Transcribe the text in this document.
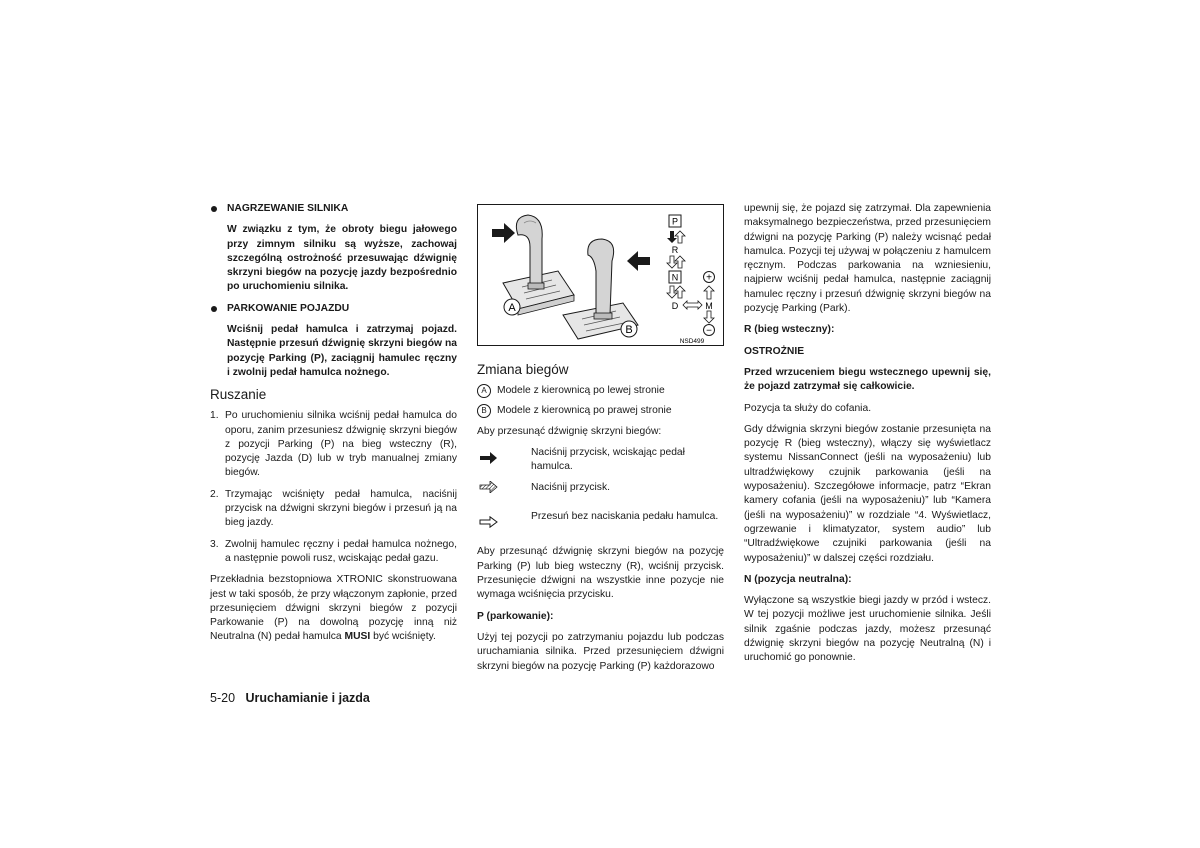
NAGRZEWANIE SILNIKA
W związku z tym, że obroty biegu jałowego przy zimnym silniku są wyższe, zachowaj szczególną ostrożność przesuwając dźwignię skrzyni biegów na pozycję jazdy bezpośrednio po uruchomieniu silnika.
PARKOWANIE POJAZDU
Wciśnij pedał hamulca i zatrzymaj pojazd. Następnie przesuń dźwignię skrzyni biegów na pozycję Parking (P), zaciągnij hamulec ręczny i zwolnij pedał hamulca nożnego.
Ruszanie
1. Po uruchomieniu silnika wciśnij pedał hamulca do oporu, zanim przesuniesz dźwignię skrzyni biegów z pozycji Parking (P) na bieg wsteczny (R), pozycję Jazda (D) lub w tryb manualnej zmiany biegów.
2. Trzymając wciśnięty pedał hamulca, naciśnij przycisk na dźwigni skrzyni biegów i przesuń ją na bieg jazdy.
3. Zwolnij hamulec ręczny i pedał hamulca nożnego, a następnie powoli rusz, wciskając pedał gazu.

Przekładnia bezstopniowa XTRONIC skonstruowana jest w taki sposób, że przy włączonym zapłonie, przed przesunięciem dźwigni skrzyni biegów z pozycji Parkowanie (P) na dowolną pozycję inną niż Neutralna (N) pedał hamulca MUSI być wciśnięty.

A
B
P
R
N
D	M
+
−
NSD499
Zmiana biegów
A	Modele z kierownicą po lewej stronie
B	Modele z kierownicą po prawej stronie

Aby przesunąć dźwignię skrzyni biegów:

Naciśnij przycisk, wciskając pedał hamulca.
Naciśnij przycisk.
Przesuń bez naciskania pedału hamulca.

Aby przesunąć dźwignię skrzyni biegów na pozycję Parking (P) lub bieg wsteczny (R), wciśnij przycisk. Przesunięcie dźwigni na wszystkie inne pozycje nie wymaga wciśnięcia przycisku.

P (parkowanie):

Użyj tej pozycji po zatrzymaniu pojazdu lub podczas uruchamiania silnika. Przed przesunięciem dźwigni skrzyni biegów na pozycję Parking (P) każdorazowo

upewnij się, że pojazd się zatrzymał. Dla zapewnienia maksymalnego bezpieczeństwa, przed przesunięciem dźwigni na pozycję Parking (P) należy wcisnąć pedał hamulca. Pozycji tej używaj w połączeniu z hamulcem ręcznym. Podczas parkowania na wzniesieniu, najpierw wciśnij pedał hamulca, następnie zaciągnij hamulec ręczny i przesuń dźwignię skrzyni biegów na pozycję Parking (Park).

R (bieg wsteczny):

OSTROŻNIE

Przed wrzuceniem biegu wstecznego upewnij się, że pojazd zatrzymał się całkowicie.

Pozycja ta służy do cofania.

Gdy dźwignia skrzyni biegów zostanie przesunięta na pozycję R (bieg wsteczny), włączy się wyświetlacz systemu NissanConnect (jeśli na wyposażeniu) lub ultradźwiękowy czujnik parkowania (jeśli na wyposażeniu). Szczegółowe informacje, patrz “Ekran kamery cofania (jeśli na wyposażeniu)” lub “Kamera (jeśli na wyposażeniu)” w rozdziale “4. Wyświetlacz, ogrzewanie i klimatyzator, system audio” lub “Ultradźwiękowe czujniki parkowania (jeśli na wyposażeniu)” w dalszej części rozdziału.

N (pozycja neutralna):

Wyłączone są wszystkie biegi jazdy w przód i wstecz. W tej pozycji możliwe jest uruchomienie silnika. Jeśli silnik zgaśnie podczas jazdy, możesz przesunąć dźwignię skrzyni biegów na pozycję Neutralną (N) i uruchomić go ponownie.

5-20 Uruchamianie i jazda
